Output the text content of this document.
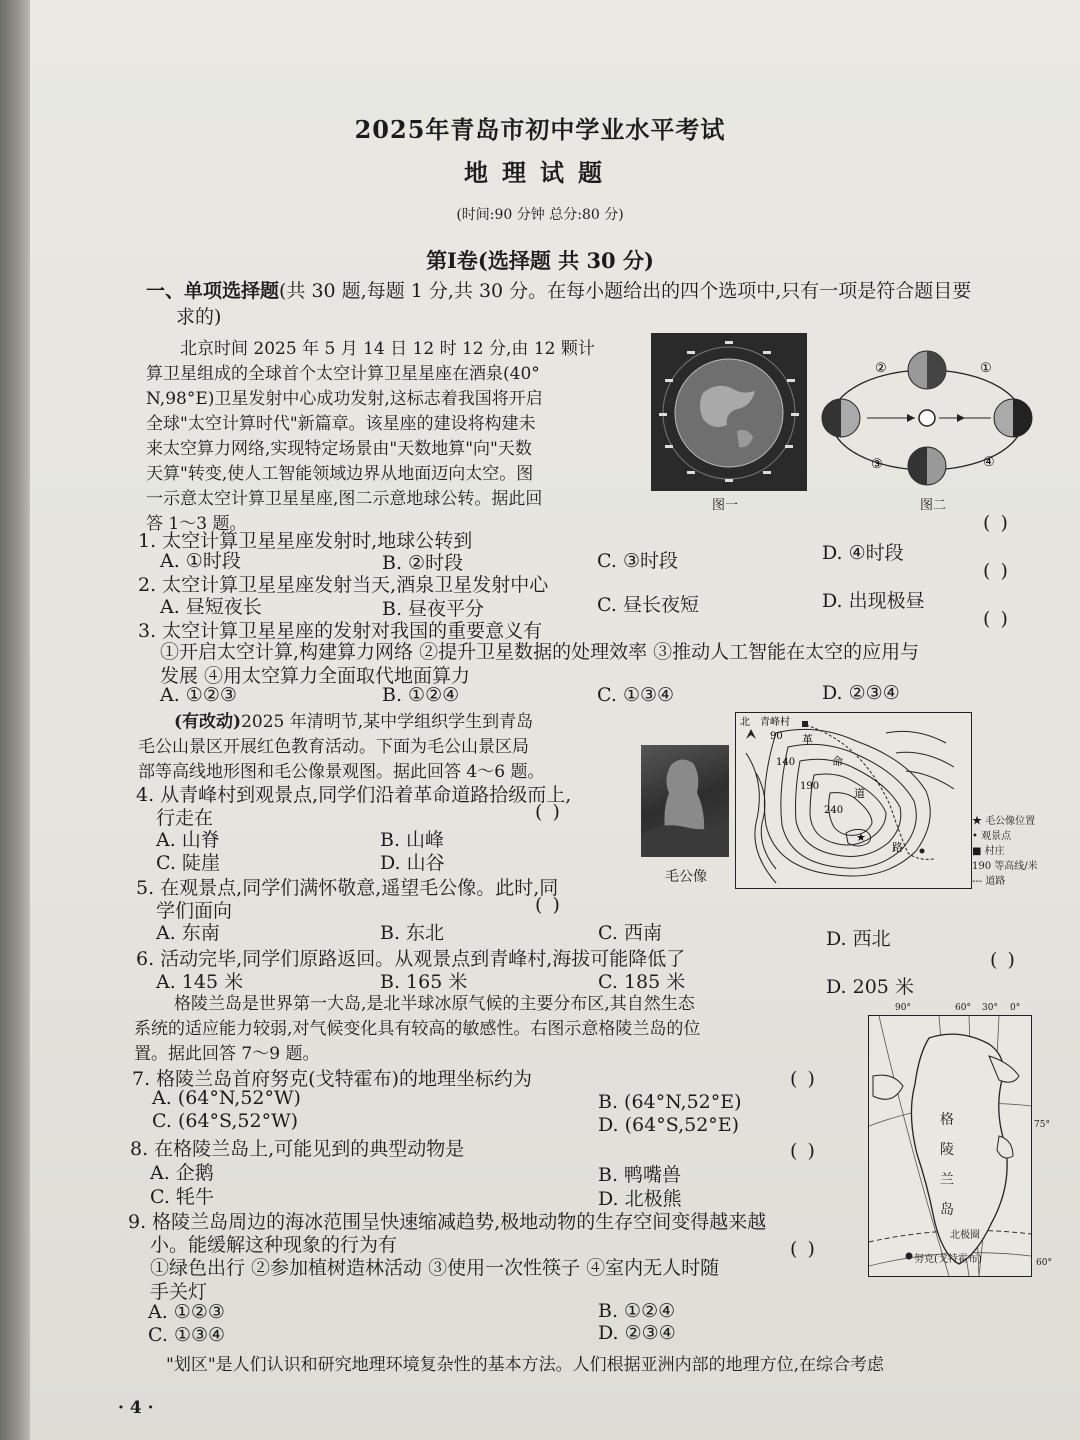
2025年青岛市初中学业水平考试
地理试题
(时间:90 分钟 总分:80 分)
第Ⅰ卷(选择题 共 30 分)
一、单项选择题(共 30 题,每题 1 分,共 30 分。在每小题给出的四个选项中,只有一项是符合题目要
求的)
北京时间 2025 年 5 月 14 日 12 时 12 分,由 12 颗计
算卫星组成的全球首个太空计算卫星星座在酒泉(40°
N,98°E)卫星发射中心成功发射,这标志着我国将开启
全球"太空计算时代"新篇章。该星座的建设将构建未
来太空算力网络,实现特定场景由"天数地算"向"天数
天算"转变,使人工智能领域边界从地面迈向太空。图
一示意太空计算卫星星座,图二示意地球公转。据此回
答 1～3 题。
图一
②	①
③	④
图二
( )
1. 太空计算卫星星座发射时,地球公转到
A. ①时段	B. ②时段	C. ③时段	D. ④时段
( )
2. 太空计算卫星星座发射当天,酒泉卫星发射中心
A. 昼短夜长	B. 昼夜平分	C. 昼长夜短	D. 出现极昼
( )
3. 太空计算卫星星座的发射对我国的重要意义有
①开启太空计算,构建算力网络 ②提升卫星数据的处理效率 ③推动人工智能在太空的应用与
发展 ④用太空算力全面取代地面算力
A. ①②③	B. ①②④	C. ①③④	D. ②③④
(有改动)2025 年清明节,某中学组织学生到青岛
毛公山景区开展红色教育活动。下面为毛公山景区局
部等高线地形图和毛公像景观图。据此回答 4～6 题。
毛公像
★
北 青峰村
90
140
190
240
革
命
道
路
★ 毛公像位置
• 观景点
■ 村庄
190 等高线/米
--- 道路
4. 从青峰村到观景点,同学们沿着革命道路拾级而上,
行走在	( )
A. 山脊	B. 山峰
C. 陡崖	D. 山谷
5. 在观景点,同学们满怀敬意,遥望毛公像。此时,同
学们面向	( )
A. 东南	B. 东北	C. 西南	D. 西北
6. 活动完毕,同学们原路返回。从观景点到青峰村,海拔可能降低了	( )
A. 145 米	B. 165 米	C. 185 米	D. 205 米
格陵兰岛是世界第一大岛,是北半球冰原气候的主要分布区,其自然生态
系统的适应能力较弱,对气候变化具有较高的敏感性。右图示意格陵兰岛的位
置。据此回答 7～9 题。
90°	60° 30° 0°
75°
60°
格
陵
兰
岛
北极圈
努克(戈特霍布)
7. 格陵兰岛首府努克(戈特霍布)的地理坐标约为	( )
A. (64°N,52°W)	B. (64°N,52°E)
C. (64°S,52°W)	D. (64°S,52°E)
8. 在格陵兰岛上,可能见到的典型动物是	( )
A. 企鹅	B. 鸭嘴兽
C. 牦牛	D. 北极熊
9. 格陵兰岛周边的海冰范围呈快速缩减趋势,极地动物的生存空间变得越来越
小。能缓解这种现象的行为有	( )
①绿色出行 ②参加植树造林活动 ③使用一次性筷子 ④室内无人时随
手关灯
A. ①②③	B. ①②④
C. ①③④	D. ②③④
"划区"是人们认识和研究地理环境复杂性的基本方法。人们根据亚洲内部的地理方位,在综合考虑
· 4 ·
